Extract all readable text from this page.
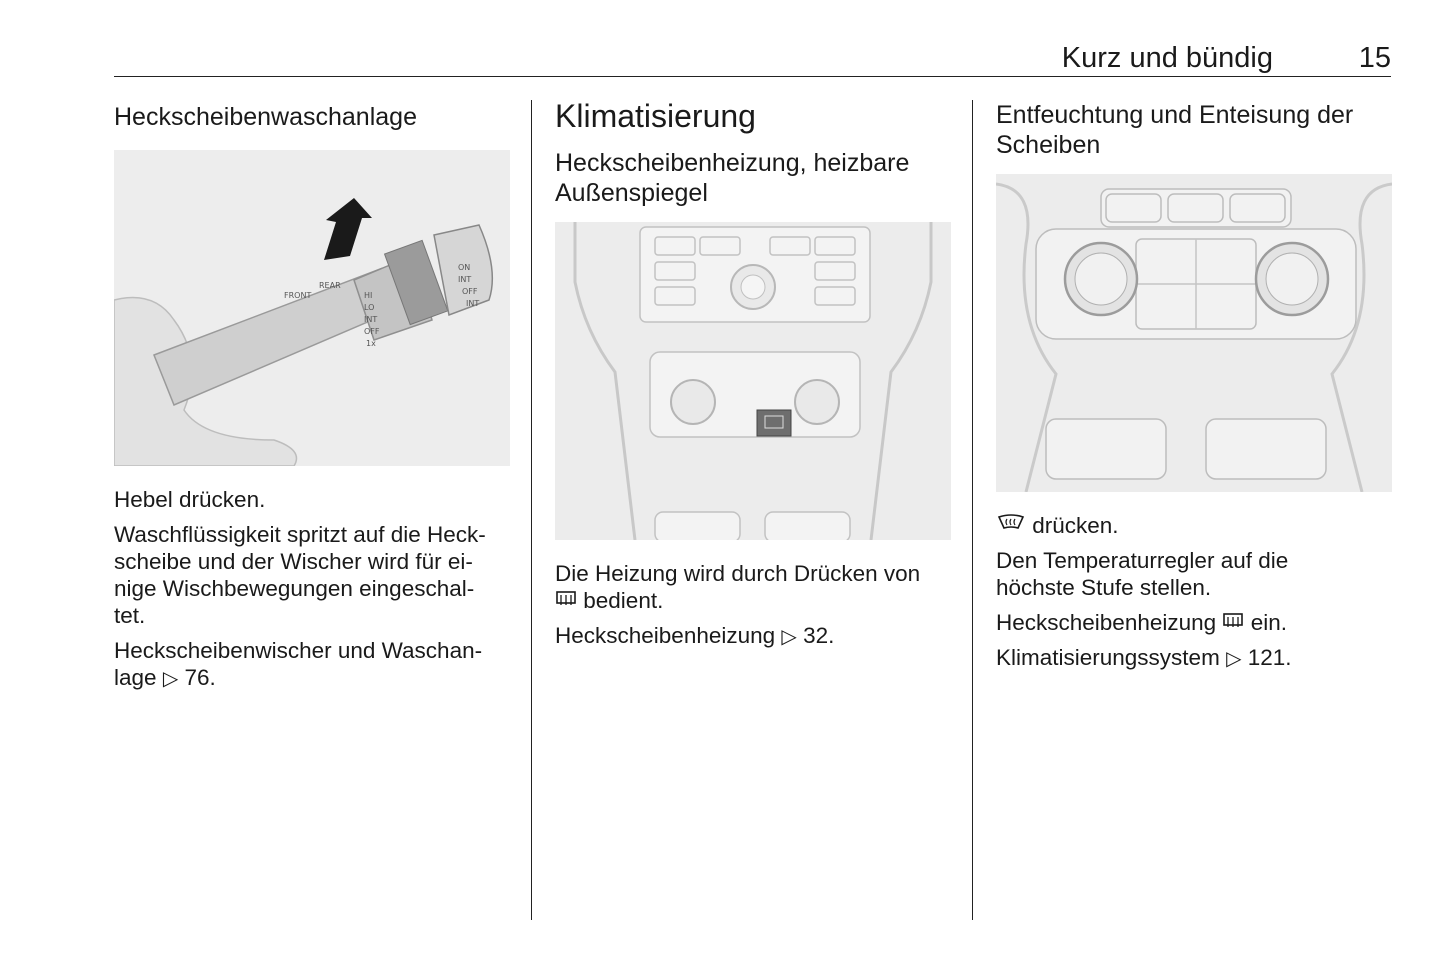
Kurz und bündig	15
Heckscheibenwaschanlage
FRONT
REAR
HI
LO
INT
OFF
1x
ON
INT
OFF
INT

Hebel drücken.

Waschflüssigkeit spritzt auf die Heck-
scheibe und der Wischer wird für ei-
nige Wischbewegungen eingeschal-
tet.

Heckscheibenwischer und Waschan-
lage ▷ 76.

Klimatisierung
Heckscheibenheizung, heizbare
Außenspiegel

Die Heizung wird durch Drücken von
bedient.

Heckscheibenheizung ▷ 32.

Entfeuchtung und Enteisung der
Scheiben

drücken.

Den Temperaturregler auf die
höchste Stufe stellen.

Heckscheibenheizung ein.

Klimatisierungssystem ▷ 121.
